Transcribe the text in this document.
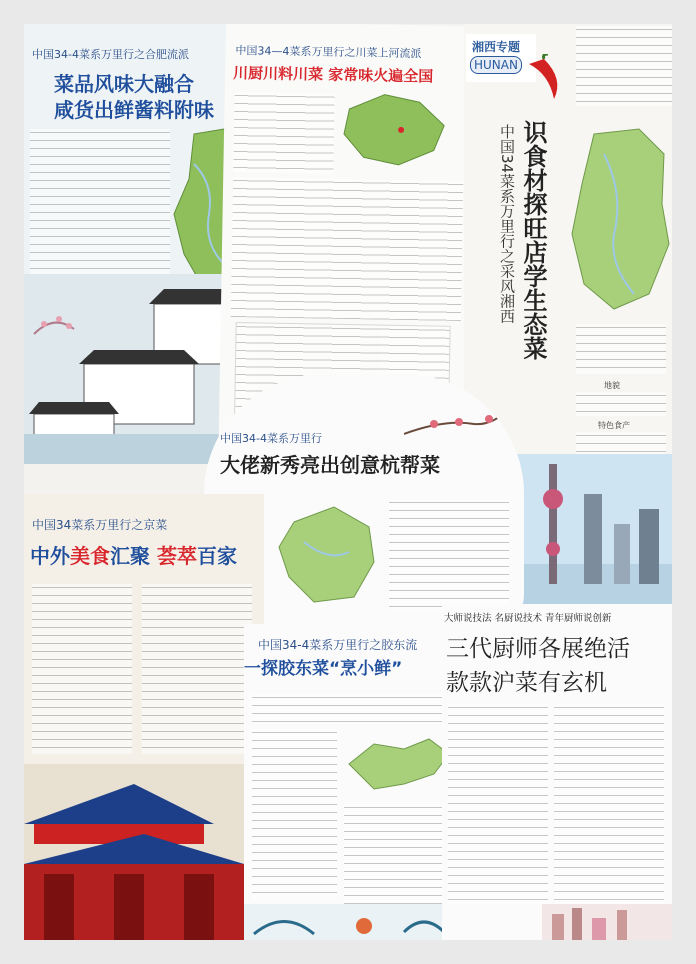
中国34-4菜系万里行之合肥流派
菜品风味大融合
咸货出鲜酱料附味
中国34—4菜系万里行之川菜上河流派
川厨川料川菜 家常味火遍全国
湘西专题
HUNAN
识食材探旺店学生态菜
中国34菜系万里行之采风湘西
地貌
特色食产
中国34-4菜系万里行
大佬新秀亮出创意杭帮菜
中国34菜系万里行之京菜
中外美食汇聚 荟萃百家
中国34-4菜系万里行之胶东流
一探胶东菜“烹小鲜”
大师说技法 名厨说技术 青年厨师说创新
三代厨师各展绝活
款款沪菜有玄机
